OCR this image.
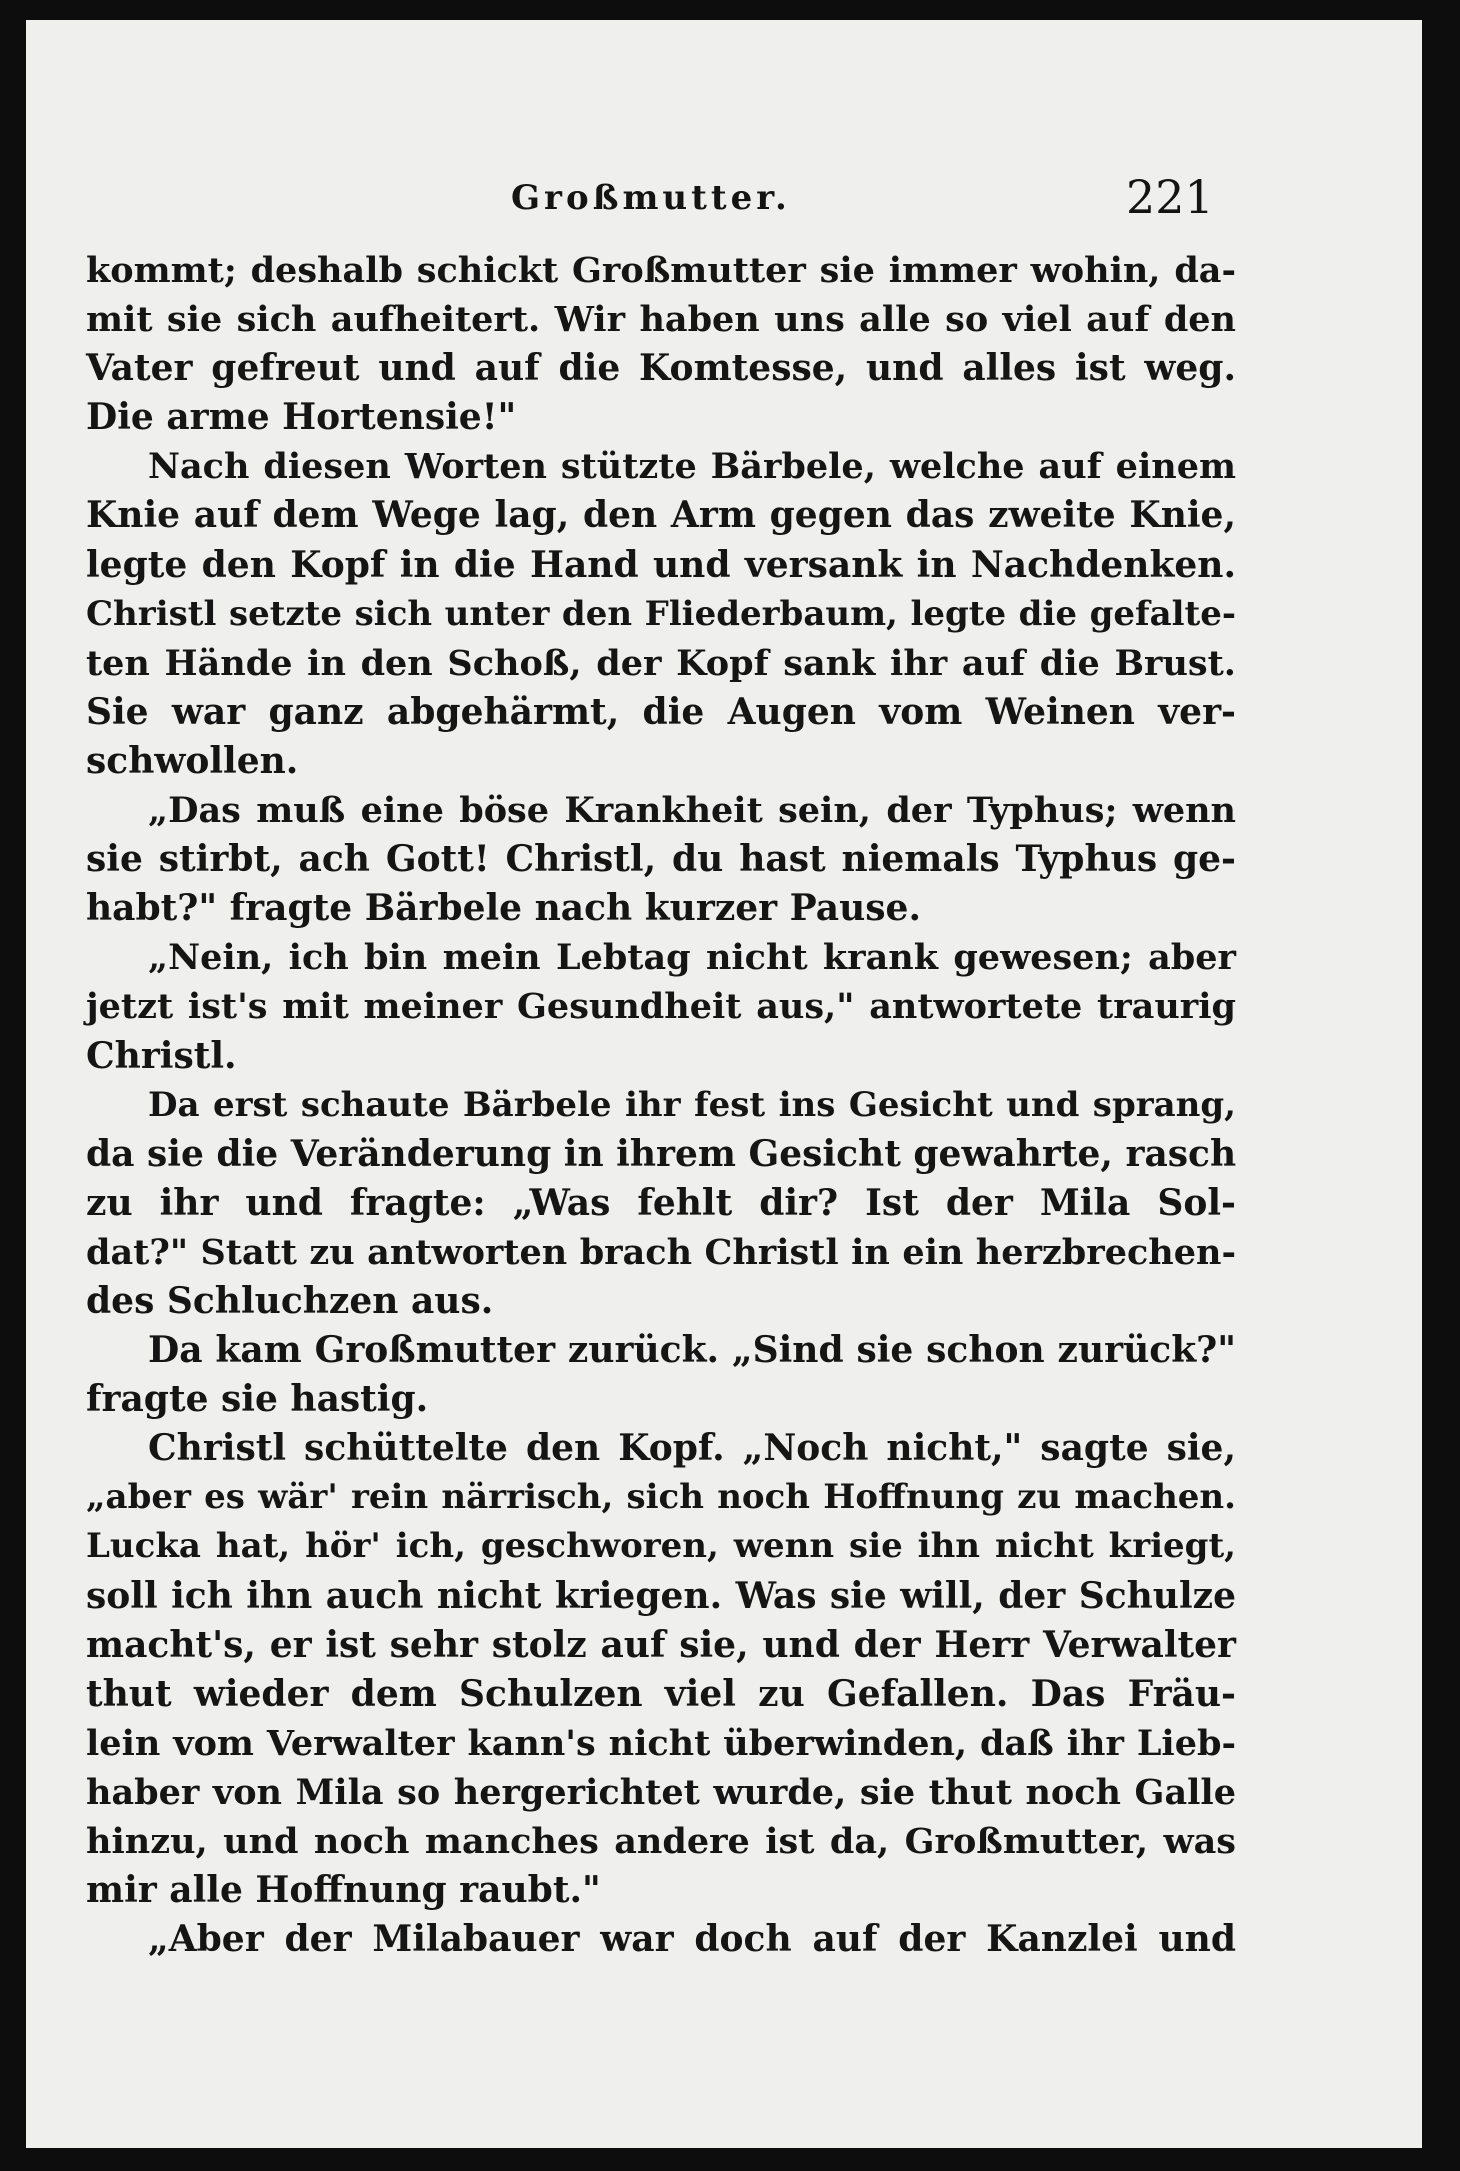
Großmutter.	221
kommt; deshalb schickt Großmutter sie immer wohin, da-
mit sie sich aufheitert. Wir haben uns alle so viel auf den
Vater gefreut und auf die Komtesse, und alles ist weg.
Die arme Hortensie!"
Nach diesen Worten stützte Bärbele, welche auf einem
Knie auf dem Wege lag, den Arm gegen das zweite Knie,
legte den Kopf in die Hand und versank in Nachdenken.
Christl setzte sich unter den Fliederbaum, legte die gefalte-
ten Hände in den Schoß, der Kopf sank ihr auf die Brust.
Sie war ganz abgehärmt, die Augen vom Weinen ver-
schwollen.
„Das muß eine böse Krankheit sein, der Typhus; wenn
sie stirbt, ach Gott! Christl, du hast niemals Typhus ge-
habt?" fragte Bärbele nach kurzer Pause.
„Nein, ich bin mein Lebtag nicht krank gewesen; aber
jetzt ist's mit meiner Gesundheit aus," antwortete traurig
Christl.
Da erst schaute Bärbele ihr fest ins Gesicht und sprang,
da sie die Veränderung in ihrem Gesicht gewahrte, rasch
zu ihr und fragte: „Was fehlt dir? Ist der Mila Sol-
dat?" Statt zu antworten brach Christl in ein herzbrechen-
des Schluchzen aus.
Da kam Großmutter zurück. „Sind sie schon zurück?"
fragte sie hastig.
Christl schüttelte den Kopf. „Noch nicht," sagte sie,
„aber es wär' rein närrisch, sich noch Hoffnung zu machen.
Lucka hat, hör' ich, geschworen, wenn sie ihn nicht kriegt,
soll ich ihn auch nicht kriegen. Was sie will, der Schulze
macht's, er ist sehr stolz auf sie, und der Herr Verwalter
thut wieder dem Schulzen viel zu Gefallen. Das Fräu-
lein vom Verwalter kann's nicht überwinden, daß ihr Lieb-
haber von Mila so hergerichtet wurde, sie thut noch Galle
hinzu, und noch manches andere ist da, Großmutter, was
mir alle Hoffnung raubt."
„Aber der Milabauer war doch auf der Kanzlei und
